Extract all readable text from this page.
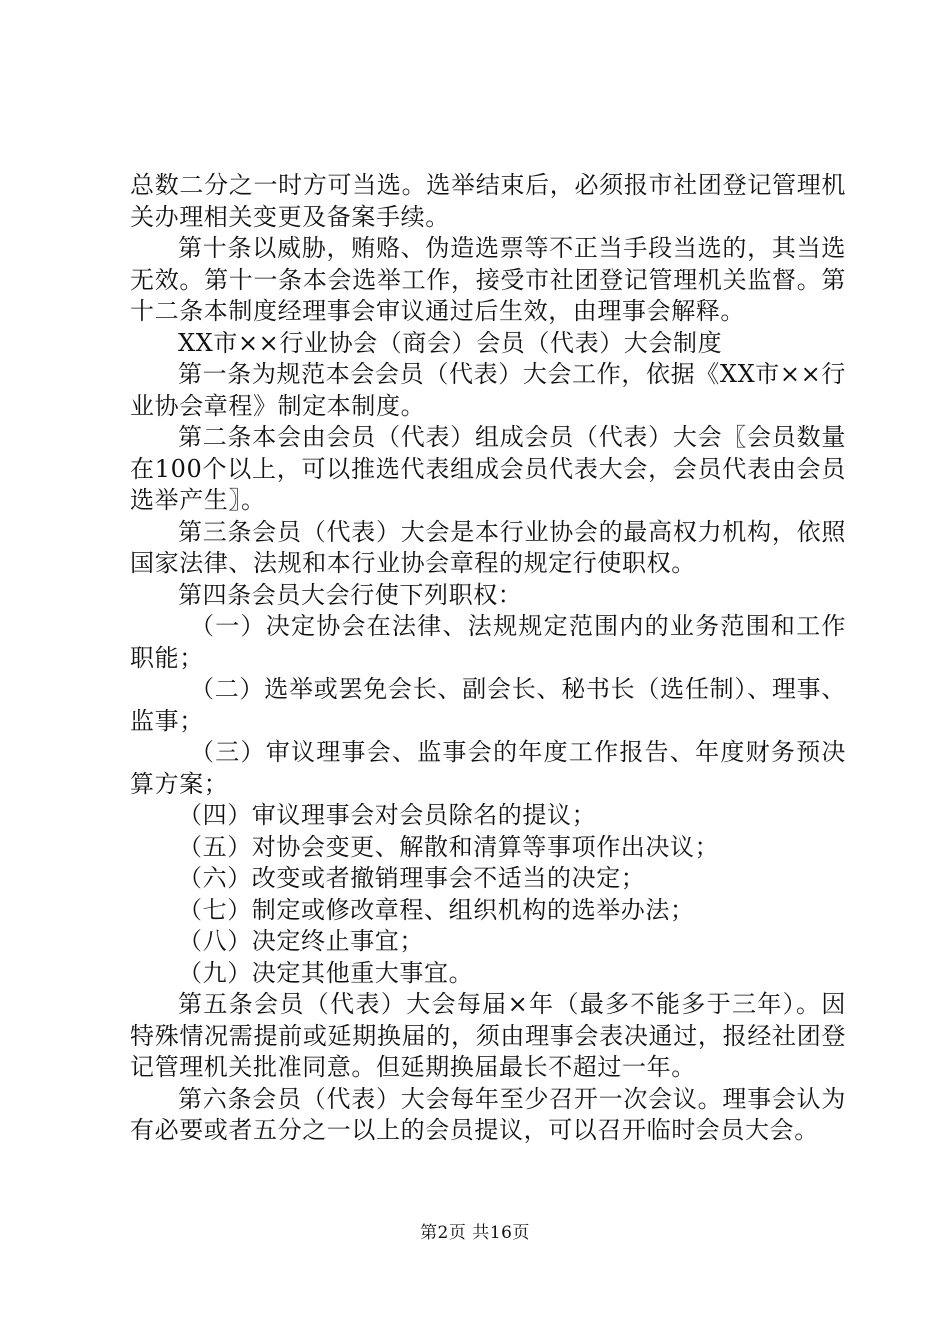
总数二分之一时方可当选。选举结束后，必须报市社团登记管理机关办理相关变更及备案手续。

第十条以威胁，贿赂、伪造选票等不正当手段当选的，其当选无效。第十一条本会选举工作，接受市社团登记管理机关监督。第十二条本制度经理事会审议通过后生效，由理事会解释。

XX市××行业协会（商会）会员（代表）大会制度

第一条为规范本会会员（代表）大会工作，依据《XX市××行业协会章程》制定本制度。

第二条本会由会员（代表）组成会员（代表）大会〖会员数量在100个以上，可以推选代表组成会员代表大会，会员代表由会员选举产生〗。

第三条会员（代表）大会是本行业协会的最高权力机构，依照国家法律、法规和本行业协会章程的规定行使职权。

第四条会员大会行使下列职权：

（一）决定协会在法律、法规规定范围内的业务范围和工作职能；

（二）选举或罢免会长、副会长、秘书长（选任制）、理事、监事；

（三）审议理事会、监事会的年度工作报告、年度财务预决算方案；

（四）审议理事会对会员除名的提议；

（五）对协会变更、解散和清算等事项作出决议；

（六）改变或者撤销理事会不适当的决定；

（七）制定或修改章程、组织机构的选举办法；

（八）决定终止事宜；

（九）决定其他重大事宜。

第五条会员（代表）大会每届×年（最多不能多于三年）。因特殊情况需提前或延期换届的，须由理事会表决通过，报经社团登记管理机关批准同意。但延期换届最长不超过一年。

第六条会员（代表）大会每年至少召开一次会议。理事会认为有必要或者五分之一以上的会员提议，可以召开临时会员大会。

第2页 共16页
